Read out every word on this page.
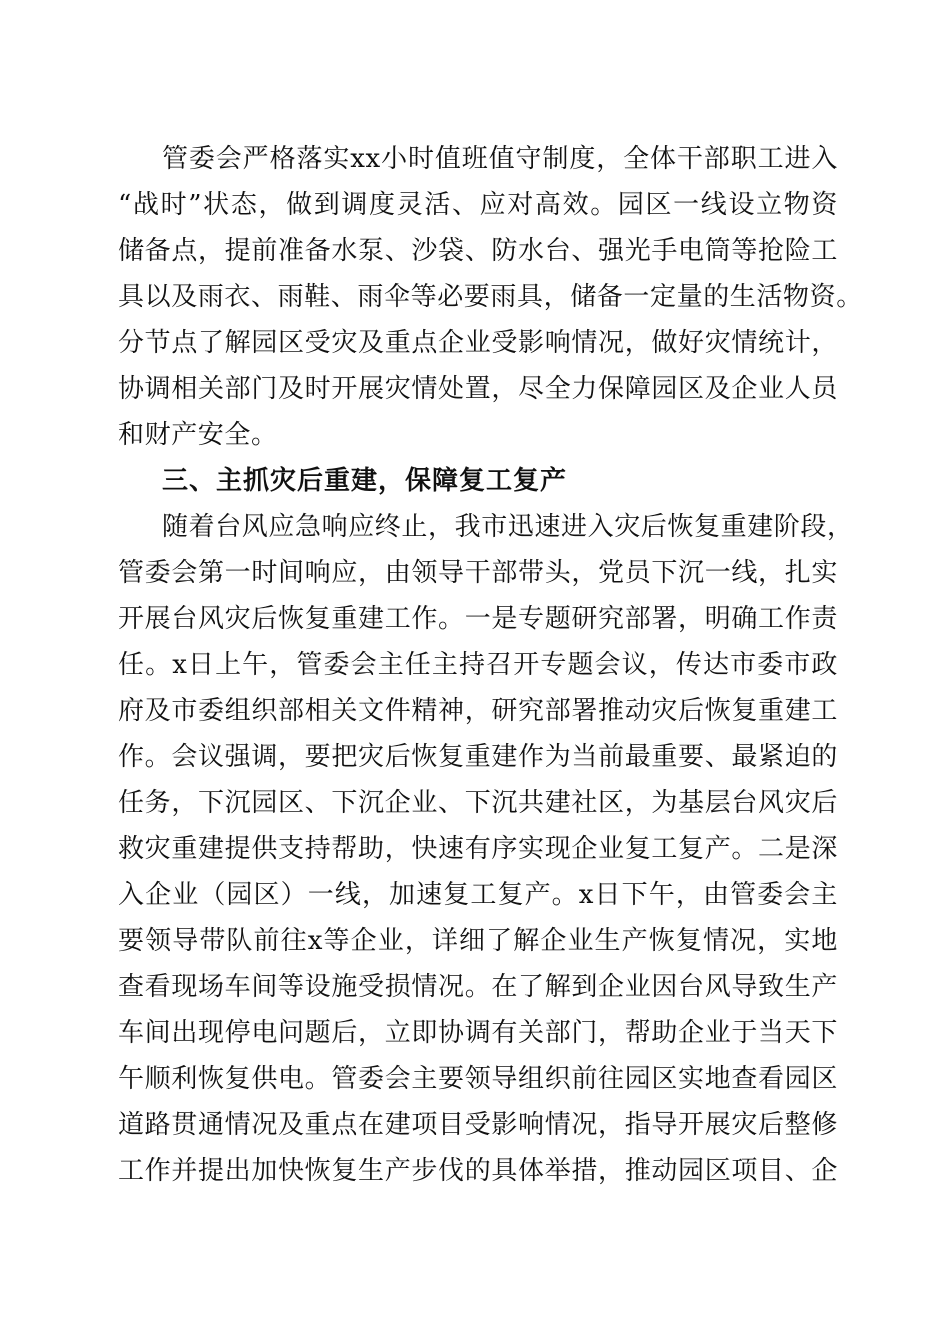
管委会严格落实xx小时值班值守制度，全体干部职工进入
“战时”状态，做到调度灵活、应对高效。园区一线设立物资
储备点，提前准备水泵、沙袋、防水台、强光手电筒等抢险工
具以及雨衣、雨鞋、雨伞等必要雨具，储备一定量的生活物资。
分节点了解园区受灾及重点企业受影响情况，做好灾情统计，
协调相关部门及时开展灾情处置，尽全力保障园区及企业人员
和财产安全。
三、主抓灾后重建，保障复工复产
随着台风应急响应终止，我市迅速进入灾后恢复重建阶段，
管委会第一时间响应，由领导干部带头，党员下沉一线，扎实
开展台风灾后恢复重建工作。一是专题研究部署，明确工作责
任。x日上午，管委会主任主持召开专题会议，传达市委市政
府及市委组织部相关文件精神，研究部署推动灾后恢复重建工
作。会议强调，要把灾后恢复重建作为当前最重要、最紧迫的
任务，下沉园区、下沉企业、下沉共建社区，为基层台风灾后
救灾重建提供支持帮助，快速有序实现企业复工复产。二是深
入企业（园区）一线，加速复工复产。x日下午，由管委会主
要领导带队前往x等企业，详细了解企业生产恢复情况，实地
查看现场车间等设施受损情况。在了解到企业因台风导致生产
车间出现停电问题后，立即协调有关部门，帮助企业于当天下
午顺利恢复供电。管委会主要领导组织前往园区实地查看园区
道路贯通情况及重点在建项目受影响情况，指导开展灾后整修
工作并提出加快恢复生产步伐的具体举措，推动园区项目、企
